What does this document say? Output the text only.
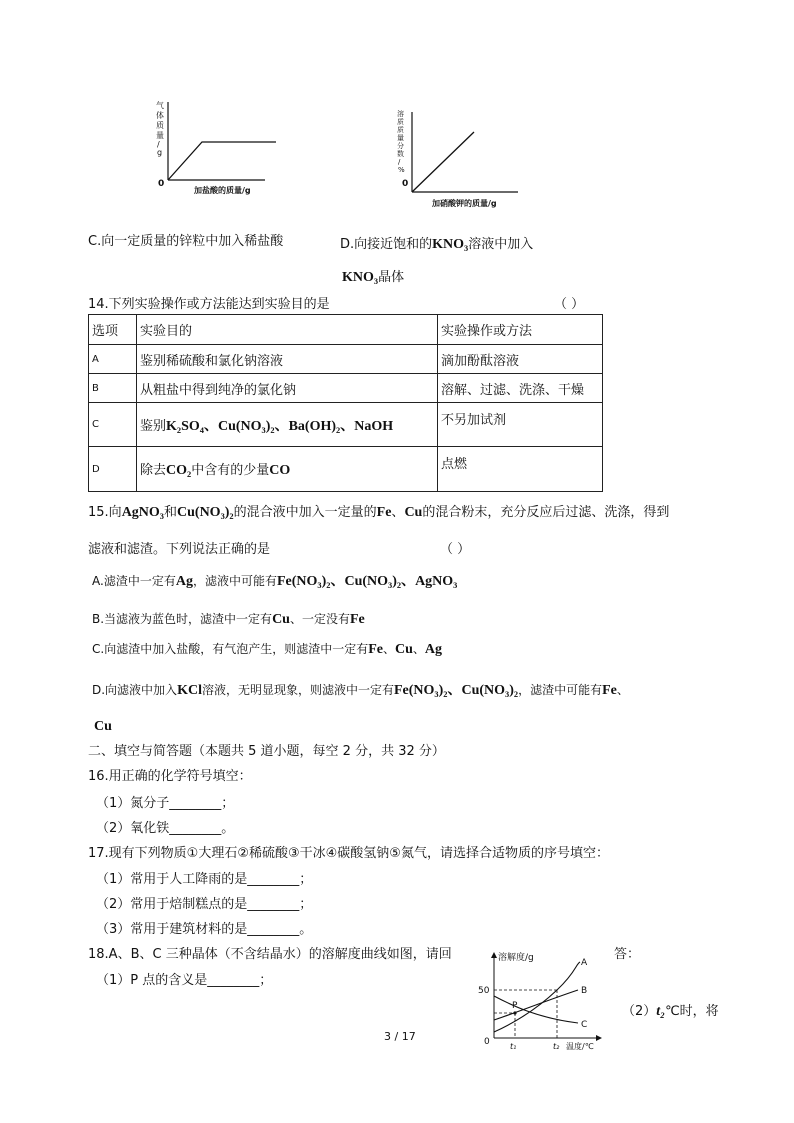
气
体
质
量
/
g
0
加盐酸的质量/g
溶
质
质
量
分
数
/
%
0
加硝酸钾的质量/g
C.向一定质量的锌粒中加入稀盐酸	D.向接近饱和的KNO₃溶液中加入
KNO₃晶体
14.下列实验操作或方法能达到实验目的是	（ ）
选项	实验目的	实验操作或方法
A	鉴别稀硫酸和氯化钠溶液	滴加酚酞溶液
B	从粗盐中得到纯净的氯化钠	溶解、过滤、洗涤、干燥
C	鉴别K₂SO₄、Cu(NO₃)₂、Ba(OH)₂、NaOH	不另加试剂
D	除去CO₂中含有的少量CO	点燃
15.向AgNO₃和Cu(NO₃)₂的混合液中加入一定量的Fe、Cu的混合粉末，充分反应后过滤、洗涤，得到
滤液和滤渣。下列说法正确的是	（ ）
A.滤渣中一定有Ag，滤液中可能有Fe(NO₃)₂、Cu(NO₃)₂、AgNO₃
B.当滤液为蓝色时，滤渣中一定有Cu、一定没有Fe
C.向滤渣中加入盐酸，有气泡产生，则滤渣中一定有Fe、Cu、Ag
D.向滤液中加入KCl溶液，无明显现象，则滤液中一定有Fe(NO₃)₂、Cu(NO₃)₂，滤渣中可能有Fe、
Cu
二、填空与简答题（本题共 5 道小题，每空 2 分，共 32 分）
16.用正确的化学符号填空：
（1）氮分子________；
（2）氧化铁________。
17.现有下列物质①大理石②稀硫酸③干冰④碳酸氢钠⑤氮气，请选择合适物质的序号填空：
（1）常用于人工降雨的是________；
（2）常用于焙制糕点的是________；
（3）常用于建筑材料的是________。
18.A、B、C 三种晶体（不含结晶水）的溶解度曲线如图，请回	答：
（1）P 点的含义是________；
（2）t₂℃时，将
溶解度/g
50
0
P
A
B
C
t₁	t₂ 温度/℃
3 / 17
